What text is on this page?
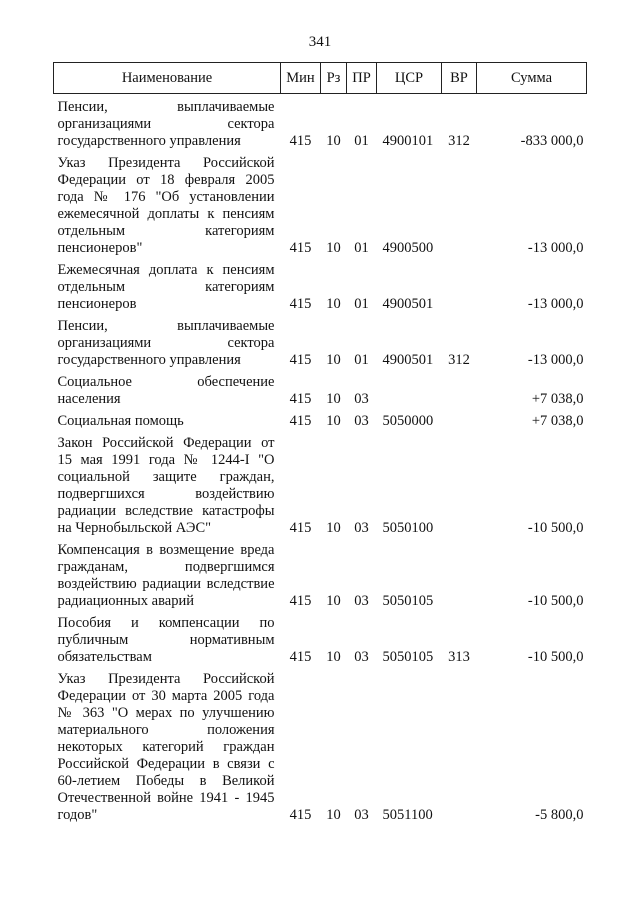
341
Наименование	Мин	Рз	ПР	ЦСР	ВР	Сумма
Пенсии, выплачиваемые организациями сектора государственного управления	415	10	01	4900101	312	-833 000,0
Указ Президента Российской Федерации от 18 февраля 2005 года № 176 "Об установлении ежемесячной доплаты к пенсиям отдельным категориям пенсионеров"	415	10	01	4900500		-13 000,0
Ежемесячная доплата к пенсиям отдельным категориям пенсионеров	415	10	01	4900501		-13 000,0
Пенсии, выплачиваемые организациями сектора государственного управления	415	10	01	4900501	312	-13 000,0
Социальное обеспечение населения	415	10	03			+7 038,0
Социальная помощь	415	10	03	5050000		+7 038,0
Закон Российской Федерации от 15 мая 1991 года № 1244-I "О социальной защите граждан, подвергшихся воздействию радиации вследствие катастрофы на Чернобыльской АЭС"	415	10	03	5050100		-10 500,0
Компенсация в возмещение вреда гражданам, подвергшимся воздействию радиации вследствие радиационных аварий	415	10	03	5050105		-10 500,0
Пособия и компенсации по публичным нормативным обязательствам	415	10	03	5050105	313	-10 500,0
Указ Президента Российской Федерации от 30 марта 2005 года № 363 "О мерах по улучшению материального положения некоторых категорий граждан Российской Федерации в связи с 60-летием Победы в Великой Отечественной войне 1941 - 1945 годов"	415	10	03	5051100		-5 800,0
